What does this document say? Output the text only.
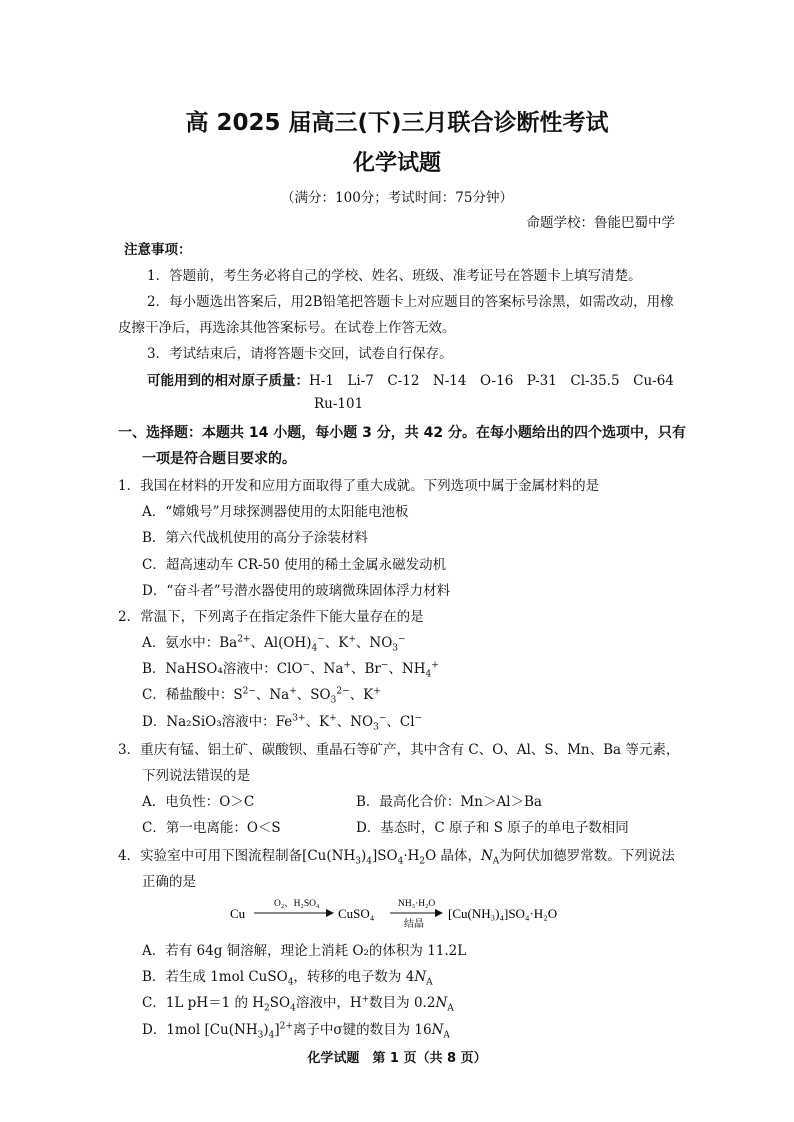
高 2025 届高三(下)三月联合诊断性考试
化学试题
（满分：100分；考试时间：75分钟）
命题学校：鲁能巴蜀中学
注意事项：
1．答题前，考生务必将自己的学校、姓名、班级、准考证号在答题卡上填写清楚。
2．每小题选出答案后，用2B铅笔把答题卡上对应题目的答案标号涂黑，如需改动，用橡
皮擦干净后，再选涂其他答案标号。在试卷上作答无效。
3．考试结束后，请将答题卡交回，试卷自行保存。
可能用到的相对原子质量：H-1　Li-7　C-12　N-14　O-16　P-31　Cl-35.5　Cu-64
Ru-101
一、选择题：本题共 14 小题，每小题 3 分，共 42 分。在每小题给出的四个选项中，只有
一项是符合题目要求的。
1．我国在材料的开发和应用方面取得了重大成就。下列选项中属于金属材料的是
A．“嫦娥号”月球探测器使用的太阳能电池板
B．第六代战机使用的高分子涂装材料
C．超高速动车 CR-50 使用的稀土金属永磁发动机
D．“奋斗者”号潜水器使用的玻璃微珠固体浮力材料
2．常温下，下列离子在指定条件下能大量存在的是
A．氨水中：$Ba^{2+}$、$Al(OH)_4^-$、K+、$NO_3^-$
B．NaHSO₄溶液中：ClO−、Na+、Br−、$NH_4^+$
C．稀盐酸中：$S^{2-}$、Na+、$SO_3^{2-}$、K+
D．Na₂SiO₃溶液中：$Fe^{3+}$、K+、$NO_3^-$、Cl−
3．重庆有锰、铝土矿、碳酸钡、重晶石等矿产，其中含有 C、O、Al、S、Mn、Ba 等元素，
下列说法错误的是
A．电负性：O＞C	B．最高化合价：Mn＞Al＞Ba
C．第一电离能：O＜S	D．基态时，C 原子和 S 原子的单电子数相同
4．实验室中可用下图流程制备$[Cu(NH_3)_4]SO_4\cdot H_2O$ 晶体，$N_A$为阿伏加德罗常数。下列说法
正确的是
Cu
O₂、H₂SO₄
CuSO₄
NH₃·H₂O
结晶
[Cu(NH₃)₄]SO₄·H₂O
A．若有 64g 铜溶解，理论上消耗 O₂的体积为 11.2L
B．若生成 1mol CuSO$_4$，转移的电子数为 $4N_A$
C．1L pH＝1 的 $H_2SO_4$溶液中，H+数目为 $0.2N_A$
D．1mol $[Cu(NH_3)_4]^{2+}$离子中σ键的数目为 $16N_A$
化学试题　第 1 页（共 8 页）
